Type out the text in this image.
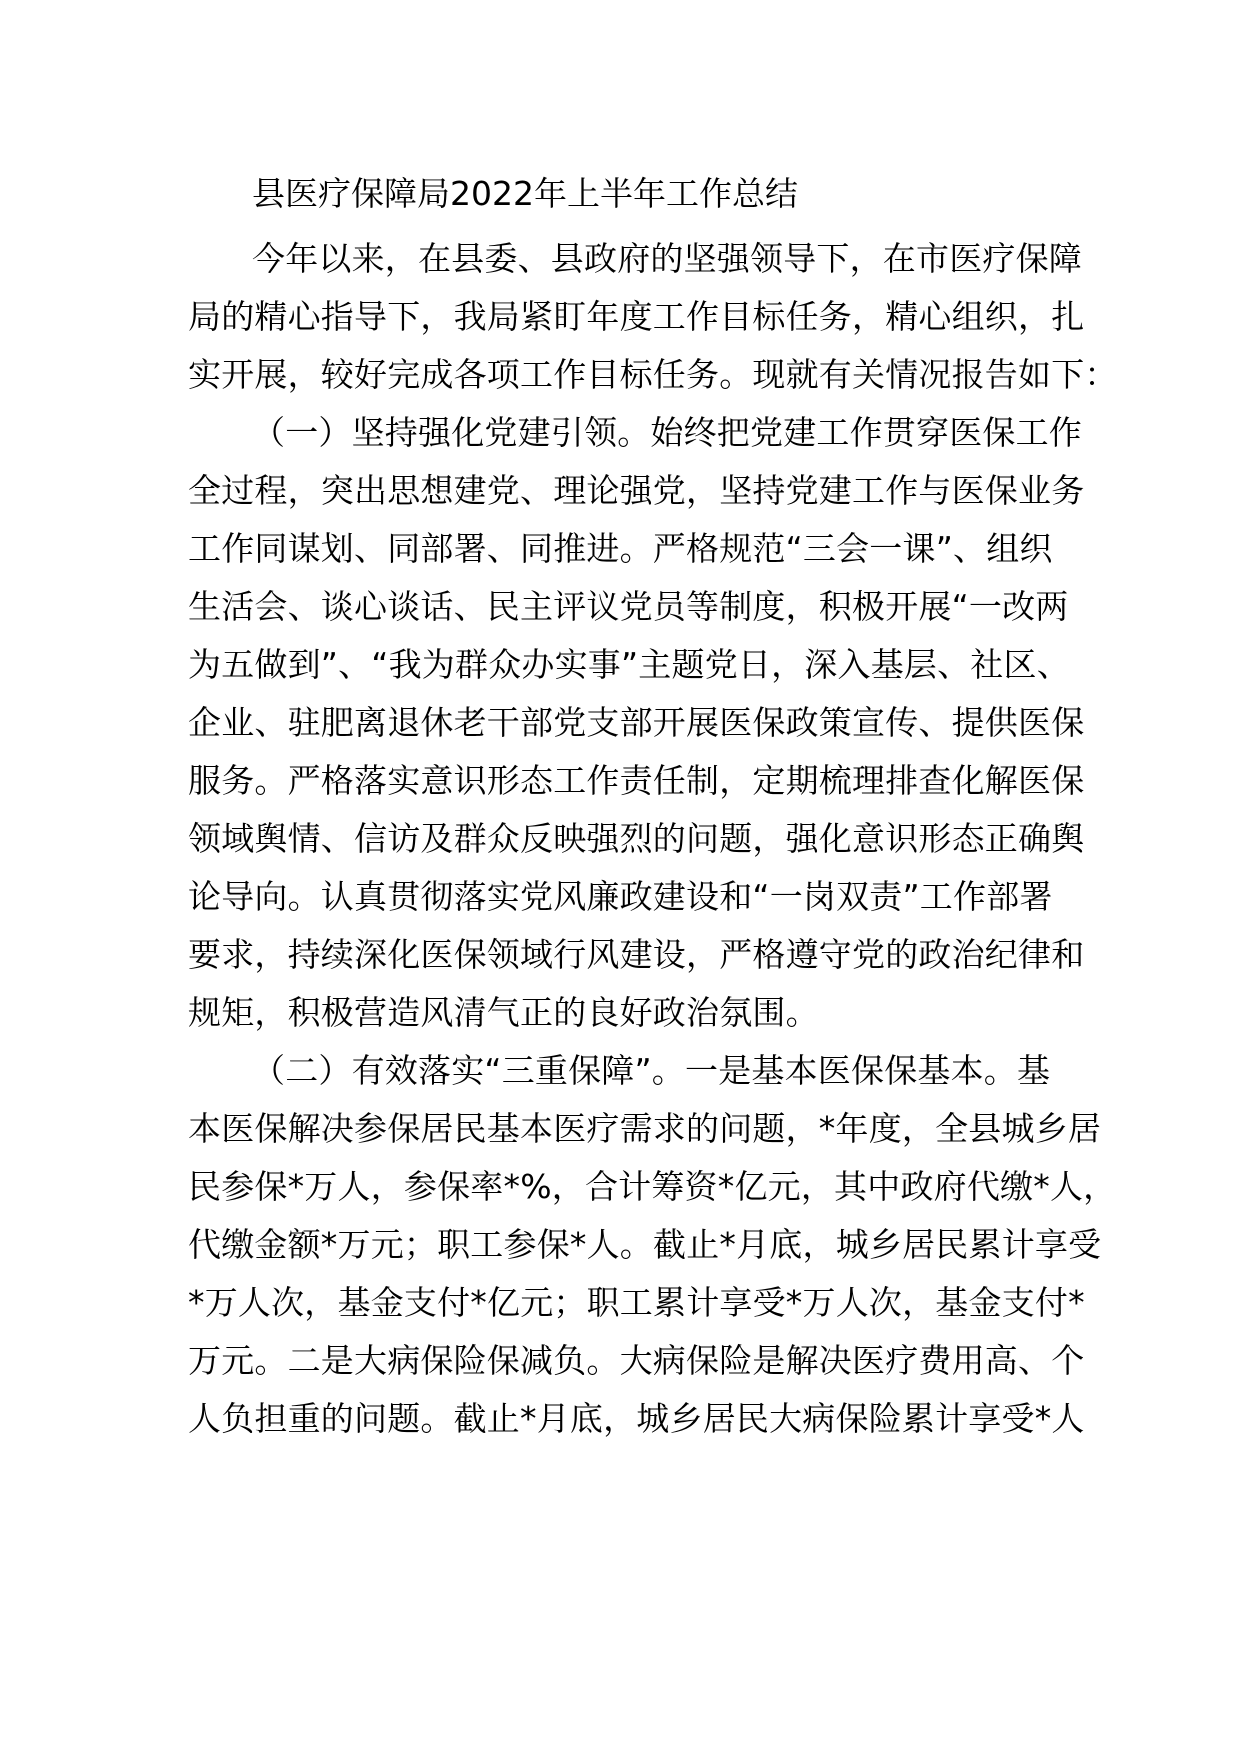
县医疗保障局2022年上半年工作总结
今年以来，在县委、县政府的坚强领导下，在市医疗保障
局的精心指导下，我局紧盯年度工作目标任务，精心组织，扎
实开展，较好完成各项工作目标任务。现就有关情况报告如下：
（一）坚持强化党建引领。始终把党建工作贯穿医保工作
全过程，突出思想建党、理论强党，坚持党建工作与医保业务
工作同谋划、同部署、同推进。严格规范“三会一课”、组织
生活会、谈心谈话、民主评议党员等制度，积极开展“一改两
为五做到”、“我为群众办实事”主题党日，深入基层、社区、
企业、驻肥离退休老干部党支部开展医保政策宣传、提供医保
服务。严格落实意识形态工作责任制，定期梳理排查化解医保
领域舆情、信访及群众反映强烈的问题，强化意识形态正确舆
论导向。认真贯彻落实党风廉政建设和“一岗双责”工作部署
要求，持续深化医保领域行风建设，严格遵守党的政治纪律和
规矩，积极营造风清气正的良好政治氛围。
（二）有效落实“三重保障”。一是基本医保保基本。基
本医保解决参保居民基本医疗需求的问题，*年度，全县城乡居
民参保*万人，参保率*%，合计筹资*亿元，其中政府代缴*人，
代缴金额*万元；职工参保*人。截止*月底，城乡居民累计享受
*万人次，基金支付*亿元；职工累计享受*万人次，基金支付*
万元。二是大病保险保减负。大病保险是解决医疗费用高、个
人负担重的问题。截止*月底，城乡居民大病保险累计享受*人
